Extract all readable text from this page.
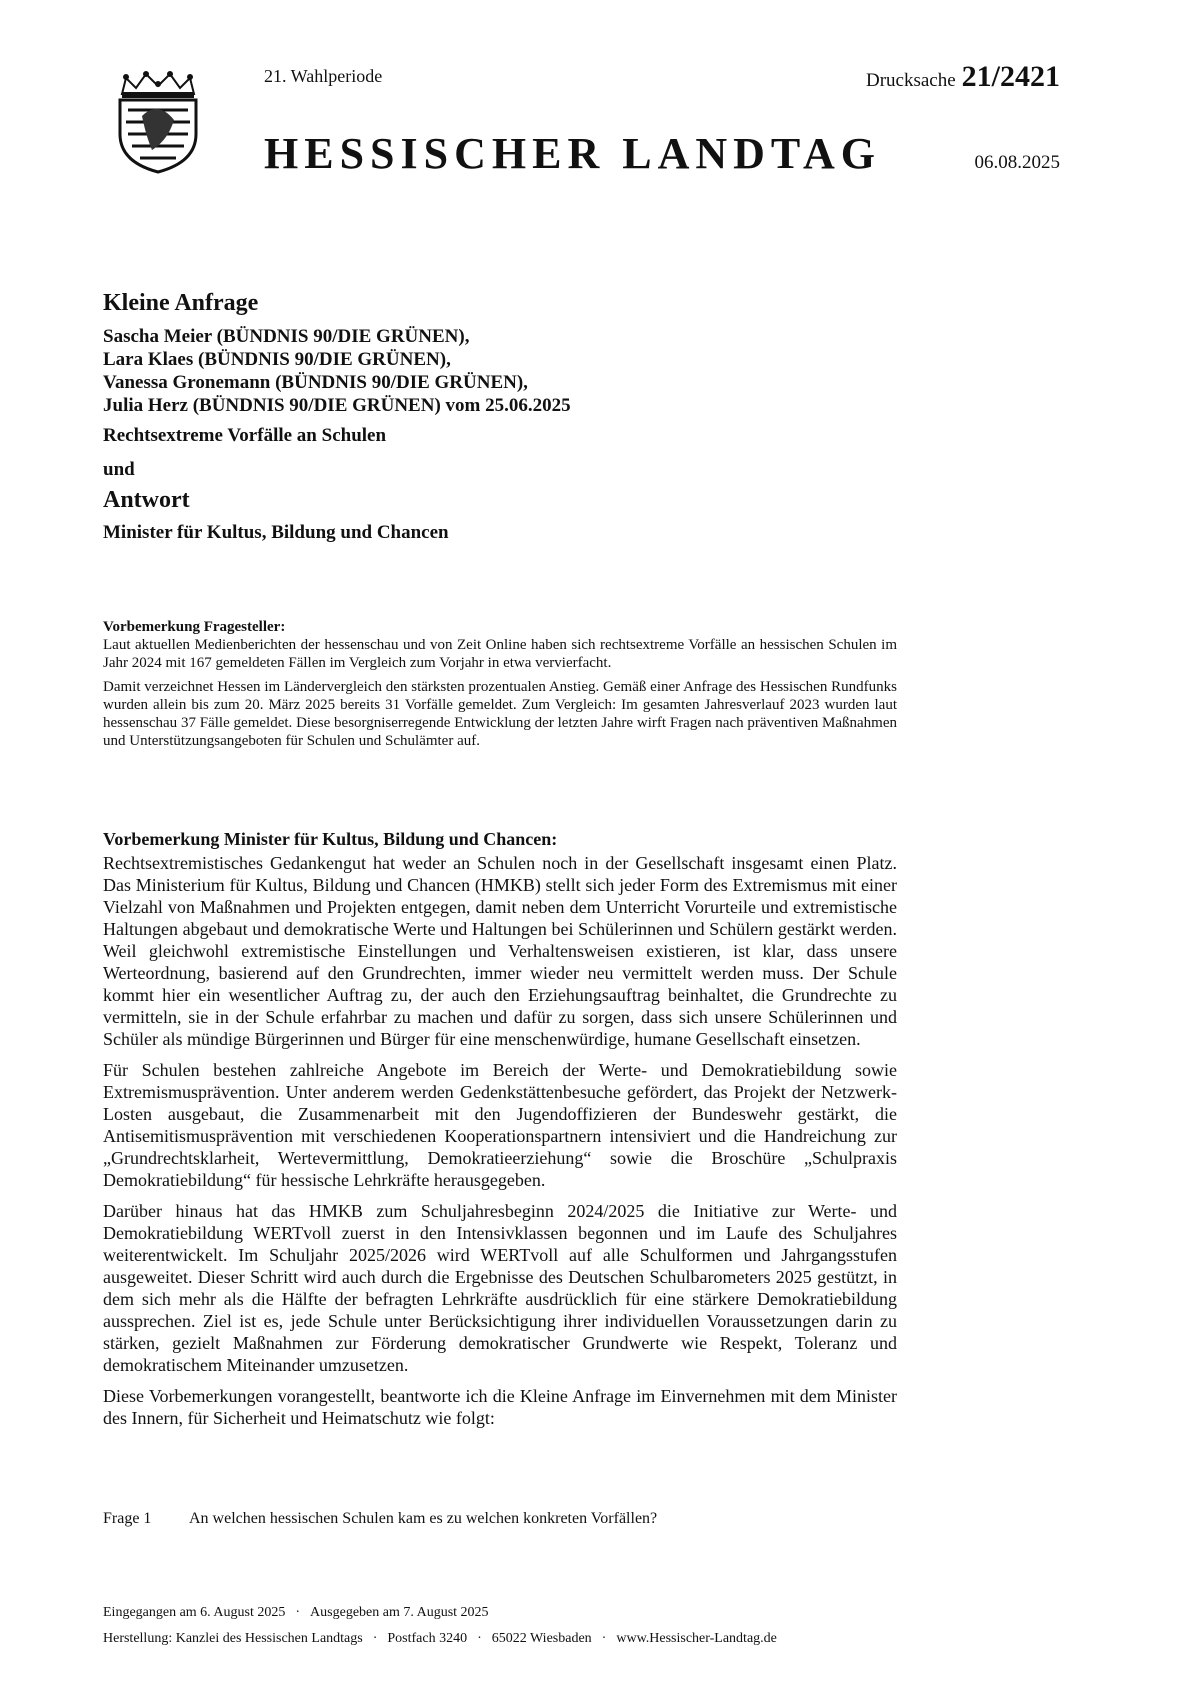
21. Wahlperiode	Drucksache 21/2421
HESSISCHER LANDTAG	06.08.2025
Kleine Anfrage
Sascha Meier (BÜNDNIS 90/DIE GRÜNEN),
Lara Klaes (BÜNDNIS 90/DIE GRÜNEN),
Vanessa Gronemann (BÜNDNIS 90/DIE GRÜNEN),
Julia Herz (BÜNDNIS 90/DIE GRÜNEN) vom 25.06.2025
Rechtsextreme Vorfälle an Schulen
und
Antwort
Minister für Kultus, Bildung und Chancen
Vorbemerkung Fragesteller:

Laut aktuellen Medienberichten der hessenschau und von Zeit Online haben sich rechtsextreme Vorfälle an hessischen Schulen im Jahr 2024 mit 167 gemeldeten Fällen im Vergleich zum Vorjahr in etwa vervierfacht.

Damit verzeichnet Hessen im Ländervergleich den stärksten prozentualen Anstieg. Gemäß einer Anfrage des Hessischen Rundfunks wurden allein bis zum 20. März 2025 bereits 31 Vorfälle gemeldet. Zum Vergleich: Im gesamten Jahresverlauf 2023 wurden laut hessenschau 37 Fälle gemeldet. Diese besorgniserregende Entwicklung der letzten Jahre wirft Fragen nach präventiven Maßnahmen und Unterstützungsangeboten für Schulen und Schulämter auf.

Vorbemerkung Minister für Kultus, Bildung und Chancen:

Rechtsextremistisches Gedankengut hat weder an Schulen noch in der Gesellschaft insgesamt einen Platz. Das Ministerium für Kultus, Bildung und Chancen (HMKB) stellt sich jeder Form des Extremismus mit einer Vielzahl von Maßnahmen und Projekten entgegen, damit neben dem Unterricht Vorurteile und extremistische Haltungen abgebaut und demokratische Werte und Haltungen bei Schülerinnen und Schülern gestärkt werden. Weil gleichwohl extremistische Einstellungen und Verhaltensweisen existieren, ist klar, dass unsere Werteordnung, basierend auf den Grundrechten, immer wieder neu vermittelt werden muss. Der Schule kommt hier ein wesentlicher Auftrag zu, der auch den Erziehungsauftrag beinhaltet, die Grundrechte zu vermitteln, sie in der Schule erfahrbar zu machen und dafür zu sorgen, dass sich unsere Schülerinnen und Schüler als mündige Bürgerinnen und Bürger für eine menschenwürdige, humane Gesellschaft einsetzen.

Für Schulen bestehen zahlreiche Angebote im Bereich der Werte- und Demokratiebildung sowie Extremismusprävention. Unter anderem werden Gedenkstättenbesuche gefördert, das Projekt der Netzwerk-Losten ausgebaut, die Zusammenarbeit mit den Jugendoffizieren der Bundeswehr gestärkt, die Antisemitismusprävention mit verschiedenen Kooperationspartnern intensiviert und die Handreichung zur „Grundrechtsklarheit, Wertevermittlung, Demokratieerziehung“ sowie die Broschüre „Schulpraxis Demokratiebildung“ für hessische Lehrkräfte herausgegeben.

Darüber hinaus hat das HMKB zum Schuljahresbeginn 2024/2025 die Initiative zur Werte- und Demokratiebildung WERTvoll zuerst in den Intensivklassen begonnen und im Laufe des Schuljahres weiterentwickelt. Im Schuljahr 2025/2026 wird WERTvoll auf alle Schulformen und Jahrgangsstufen ausgeweitet. Dieser Schritt wird auch durch die Ergebnisse des Deutschen Schulbarometers 2025 gestützt, in dem sich mehr als die Hälfte der befragten Lehrkräfte ausdrücklich für eine stärkere Demokratiebildung aussprechen. Ziel ist es, jede Schule unter Berücksichtigung ihrer individuellen Voraussetzungen darin zu stärken, gezielt Maßnahmen zur Förderung demokratischer Grundwerte wie Respekt, Toleranz und demokratischem Miteinander umzusetzen.

Diese Vorbemerkungen vorangestellt, beantworte ich die Kleine Anfrage im Einvernehmen mit dem Minister des Innern, für Sicherheit und Heimatschutz wie folgt:

Frage 1 An welchen hessischen Schulen kam es zu welchen konkreten Vorfällen?
Eingegangen am 6. August 2025 · Ausgegeben am 7. August 2025
Herstellung: Kanzlei des Hessischen Landtags · Postfach 3240 · 65022 Wiesbaden · www.Hessischer-Landtag.de
